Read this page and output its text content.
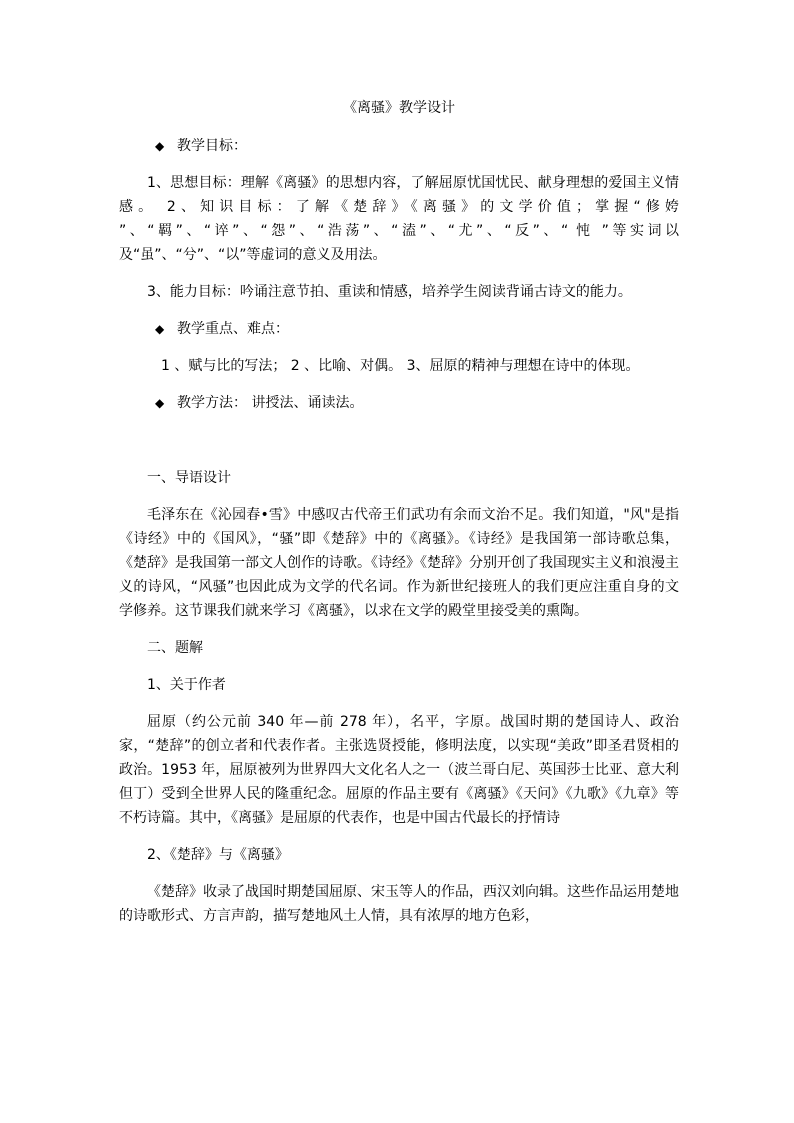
《离骚》教学设计
◆ 教学目标：

1、思想目标：理解《离骚》的思想内容，了解屈原忧国忧民、献身理想的爱国主义情感。 2、知识目标：了解《楚辞》《离骚》的文学价值；掌握“修姱 ”、“羁”、“谇”、“怨”、“浩荡”、“溘”、“尤”、“反”、“ 忳 ”等实词以及“虽”、“兮”、“以”等虚词的意义及用法。

3、能力目标：吟诵注意节拍、重读和情感，培养学生阅读背诵古诗文的能力。

◆ 教学重点、难点：

1 、赋与比的写法； 2 、比喻、对偶。 3、屈原的精神与理想在诗中的体现。

◆ 教学方法： 讲授法、诵读法。
一、导语设计

毛泽东在《沁园春•雪》中感叹古代帝王们武功有余而文治不足。我们知道，"风"是指《诗经》中的《国风》，“骚”即《楚辞》中的《离骚》。《诗经》是我国第一部诗歌总集，《楚辞》是我国第一部文人创作的诗歌。《诗经》《楚辞》分别开创了我国现实主义和浪漫主义的诗风，“风骚”也因此成为文学的代名词。作为新世纪接班人的我们更应注重自身的文学修养。这节课我们就来学习《离骚》，以求在文学的殿堂里接受美的熏陶。

二、题解
1、关于作者

屈原（约公元前 340 年—前 278 年），名平，字原。战国时期的楚国诗人、政治家，“楚辞”的创立者和代表作者。主张选贤授能，修明法度，以实现“美政”即圣君贤相的政治。1953 年，屈原被列为世界四大文化名人之一（波兰哥白尼、英国莎士比亚、意大利但丁）受到全世界人民的隆重纪念。屈原的作品主要有《离骚》《天问》《九歌》《九章》等不朽诗篇。其中，《离骚》是屈原的代表作，也是中国古代最长的抒情诗

2、《楚辞》与《离骚》

《楚辞》收录了战国时期楚国屈原、宋玉等人的作品，西汉刘向辑。这些作品运用楚地的诗歌形式、方言声韵，描写楚地风土人情，具有浓厚的地方色彩，
